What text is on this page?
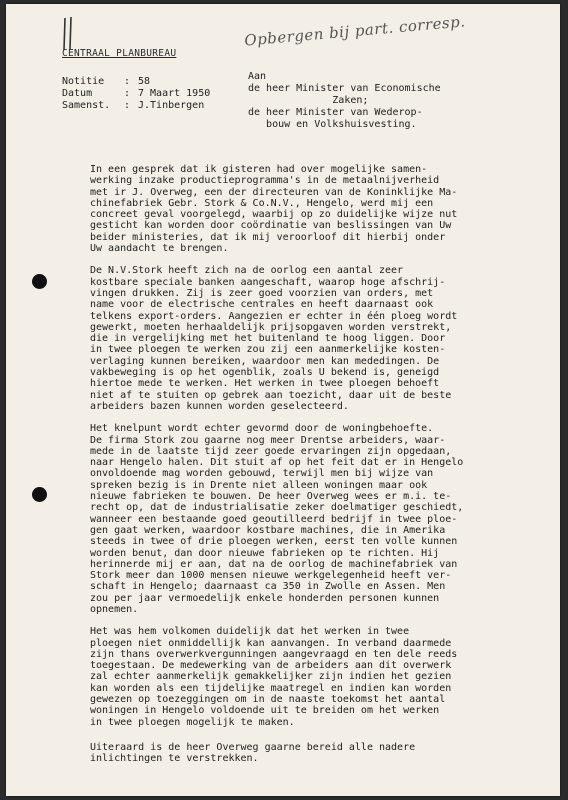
Opbergen bij part. corresp.
CENTRAAL PLANBUREAU
Notitie	: 58
Datum	: 7 Maart 1950
Samenst.	: J.Tinbergen
Aan
de heer Minister van Economische
Zaken;
de heer Minister van Wederop-
bouw en Volkshuisvesting.

In een gesprek dat ik gisteren had over mogelijke samen-
werking inzake productieprogramma's in de metaalnijverheid
met ir J. Overweg, een der directeuren van de Koninklijke Ma-
chinefabriek Gebr. Stork & Co.N.V., Hengelo, werd mij een
concreet geval voorgelegd, waarbij op zo duidelijke wijze nut
gesticht kan worden door coördinatie van beslissingen van Uw
beider ministeries, dat ik mij veroorloof dit hierbij onder
Uw aandacht te brengen.

De N.V.Stork heeft zich na de oorlog een aantal zeer
kostbare speciale banken aangeschaft, waarop hoge afschrij-
vingen drukken. Zij is zeer goed voorzien van orders, met
name voor de electrische centrales en heeft daarnaast ook
telkens export-orders. Aangezien er echter in één ploeg wordt
gewerkt, moeten herhaaldelijk prijsopgaven worden verstrekt,
die in vergelijking met het buitenland te hoog liggen. Door
in twee ploegen te werken zou zij een aanmerkelijke kosten-
verlaging kunnen bereiken, waardoor men kan mededingen. De
vakbeweging is op het ogenblik, zoals U bekend is, geneigd
hiertoe mede te werken. Het werken in twee ploegen behoeft
niet af te stuiten op gebrek aan toezicht, daar uit de beste
arbeiders bazen kunnen worden geselecteerd.

Het knelpunt wordt echter gevormd door de woningbehoefte.
De firma Stork zou gaarne nog meer Drentse arbeiders, waar-
mede in de laatste tijd zeer goede ervaringen zijn opgedaan,
naar Hengelo halen. Dit stuit af op het feit dat er in Hengelo
onvoldoende mag worden gebouwd, terwijl men bij wijze van
spreken bezig is in Drente niet alleen woningen maar ook
nieuwe fabrieken te bouwen. De heer Overweg wees er m.i. te-
recht op, dat de industrialisatie zeker doelmatiger geschiedt,
wanneer een bestaande goed geoutilleerd bedrijf in twee ploe-
gen gaat werken, waardoor kostbare machines, die in Amerika
steeds in twee of drie ploegen werken, eerst ten volle kunnen
worden benut, dan door nieuwe fabrieken op te richten. Hij
herinnerde mij er aan, dat na de oorlog de machinefabriek van
Stork meer dan 1000 mensen nieuwe werkgelegenheid heeft ver-
schaft in Hengelo; daarnaast ca 350 in Zwolle en Assen. Men
zou per jaar vermoedelijk enkele honderden personen kunnen
opnemen.

Het was hem volkomen duidelijk dat het werken in twee
ploegen niet onmiddellijk kan aanvangen. In verband daarmede
zijn thans overwerkvergunningen aangevraagd en ten dele reeds
toegestaan. De medewerking van de arbeiders aan dit overwerk
zal echter aanmerkelijk gemakkelijker zijn indien het gezien
kan worden als een tijdelijke maatregel en indien kan worden
gewezen op toezeggingen om in de naaste toekomst het aantal
woningen in Hengelo voldoende uit te breiden om het werken
in twee ploegen mogelijk te maken.

Uiteraard is de heer Overweg gaarne bereid alle nadere
inlichtingen te verstrekken.
